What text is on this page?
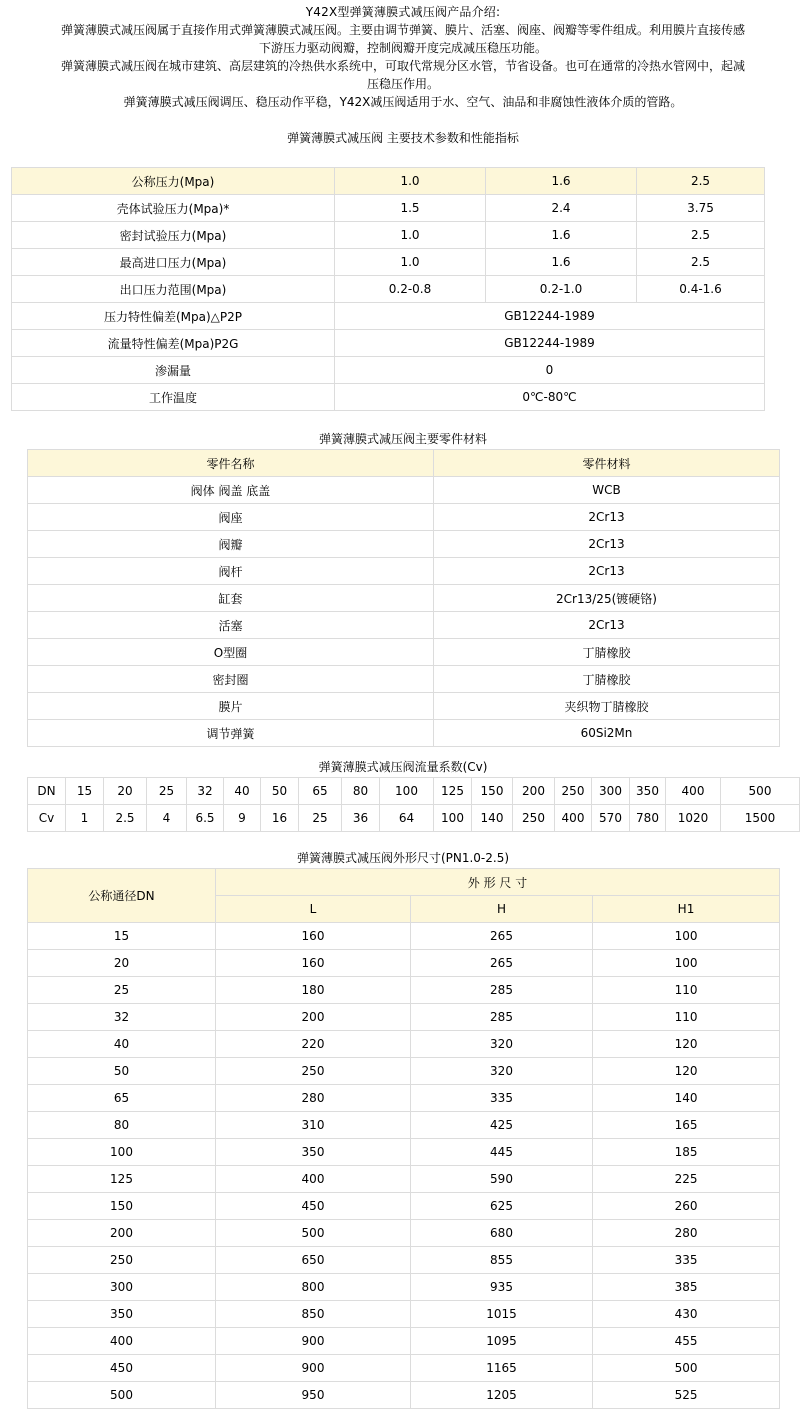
Y42X型弹簧薄膜式减压阀产品介绍:

弹簧薄膜式减压阀属于直接作用式弹簧薄膜式减压阀。主要由调节弹簧、膜片、活塞、阀座、阀瓣等零件组成。利用膜片直接传感

下游压力驱动阀瓣，控制阀瓣开度完成减压稳压功能。

弹簧薄膜式减压阀在城市建筑、高层建筑的冷热供水系统中，可取代常规分区水管，节省设备。也可在通常的冷热水管网中，起减

压稳压作用。

弹簧薄膜式减压阀调压、稳压动作平稳，Y42X减压阀适用于水、空气、油品和非腐蚀性液体介质的管路。

弹簧薄膜式减压阀 主要技术参数和性能指标
公称压力(Mpa)	1.0	1.6	2.5
壳体试验压力(Mpa)*	1.5	2.4	3.75
密封试验压力(Mpa)	1.0	1.6	2.5
最高进口压力(Mpa)	1.0	1.6	2.5
出口压力范围(Mpa)	0.2-0.8	0.2-1.0	0.4-1.6
压力特性偏差(Mpa)△P2P	GB12244-1989		
流量特性偏差(Mpa)P2G	GB12244-1989		
渗漏量	0		
工作温度	0℃-80℃		
弹簧薄膜式减压阀主要零件材料
零件名称	零件材料
阀体 阀盖 底盖	WCB
阀座	2Cr13
阀瓣	2Cr13
阀杆	2Cr13
缸套	2Cr13/25(镀硬铬)
活塞	2Cr13
O型圈	丁腈橡胶
密封圈	丁腈橡胶
膜片	夹织物丁腈橡胶
调节弹簧	60Si2Mn
弹簧薄膜式减压阀流量系数(Cv)
DN	15	20	25	32	40	50	65	80	100	125	150	200	250	300	350	400	500
Cv	1	2.5	4	6.5	9	16	25	36	64	100	140	250	400	570	780	1020	1500
弹簧薄膜式减压阀外形尺寸(PN1.0-2.5)
公称通径DN	外 形 尺 寸		
	L	H	H1
15	160	265	100
20	160	265	100
25	180	285	110
32	200	285	110
40	220	320	120
50	250	320	120
65	280	335	140
80	310	425	165
100	350	445	185
125	400	590	225
150	450	625	260
200	500	680	280
250	650	855	335
300	800	935	385
350	850	1015	430
400	900	1095	455
450	900	1165	500
500	950	1205	525
